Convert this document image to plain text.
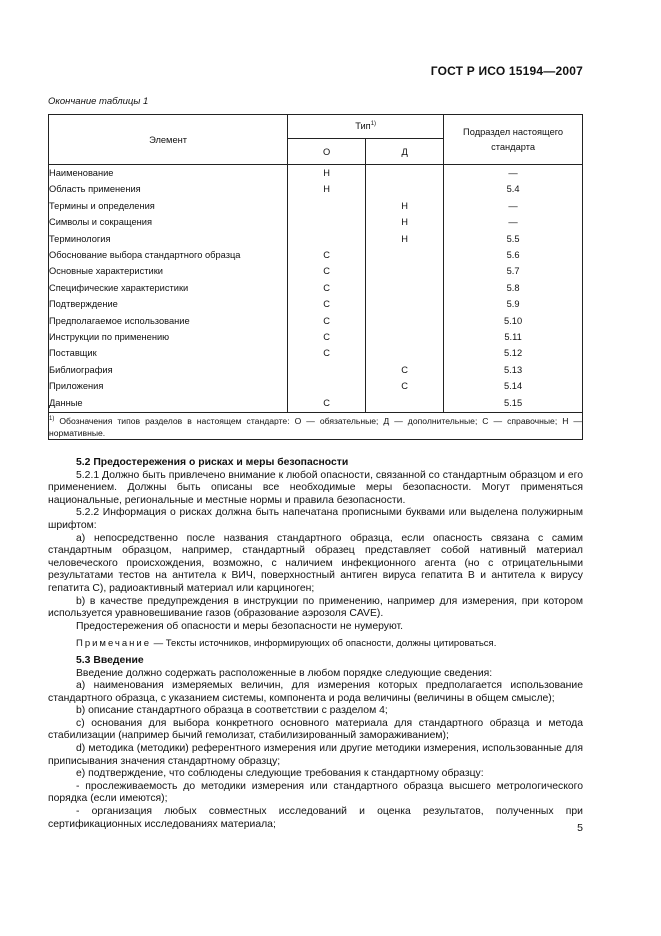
ГОСТ Р ИСО 15194—2007
Окончание таблицы 1
Элемент	Тип$^{1)}$		Подраздел настоящего стандарта

	О	Д	
Наименование	Н		—
Область применения	Н		5.4
Термины и определения		Н	—
Символы и сокращения		Н	—
Терминология		Н	5.5
Обоснование выбора стандартного образца	С		5.6
Основные характеристики	С		5.7
Специфические характеристики	С		5.8
Подтверждение	С		5.9
Предполагаемое использование	С		5.10
Инструкции по применению	С		5.11
Поставщик	С		5.12
Библиография		С	5.13
Приложения		С	5.14
Данные	С		5.15
$^{1)}$ Обозначения типов разделов в настоящем стандарте: О — обязательные; Д — дополнительные; С — справочные; Н — нормативные.			

5.2 Предостережения о рисках и меры безопасности

5.2.1 Должно быть привлечено внимание к любой опасности, связанной со стандартным образцом и его применением. Должны быть описаны все необходимые меры безопасности. Могут применяться национальные, региональные и местные нормы и правила безопасности.

5.2.2 Информация о рисках должна быть напечатана прописными буквами или выделена полужирным шрифтом:

а) непосредственно после названия стандартного образца, если опасность связана с самим стандартным образцом, например, стандартный образец представляет собой нативный материал человеческого происхождения, возможно, с наличием инфекционного агента (но с отрицательными результатами тестов на антитела к ВИЧ, поверхностный антиген вируса гепатита В и антитела к вирусу гепатита С), радиоактивный материал или карциноген;

b) в качестве предупреждения в инструкции по применению, например для измерения, при котором используется уравновешивание газов (образование аэрозоля CAVE).

Предостережения об опасности и меры безопасности не нумеруют.

Примечание — Тексты источников, информирующих об опасности, должны цитироваться.

5.3 Введение

Введение должно содержать расположенные в любом порядке следующие сведения:

а) наименования измеряемых величин, для измерения которых предполагается использование стандартного образца, с указанием системы, компонента и рода величины (величины в общем смысле);

b) описание стандартного образца в соответствии с разделом 4;

с) основания для выбора конкретного основного материала для стандартного образца и метода стабилизации (например бычий гемолизат, стабилизированный замораживанием);

d) методика (методики) референтного измерения или другие методики измерения, использованные для приписывания значения стандартному образцу;

е) подтверждение, что соблюдены следующие требования к стандартному образцу:

- прослеживаемость до методики измерения или стандартного образца высшего метрологического порядка (если имеются);

- организация любых совместных исследований и оценка результатов, полученных при сертификационных исследованиях материала;	5
